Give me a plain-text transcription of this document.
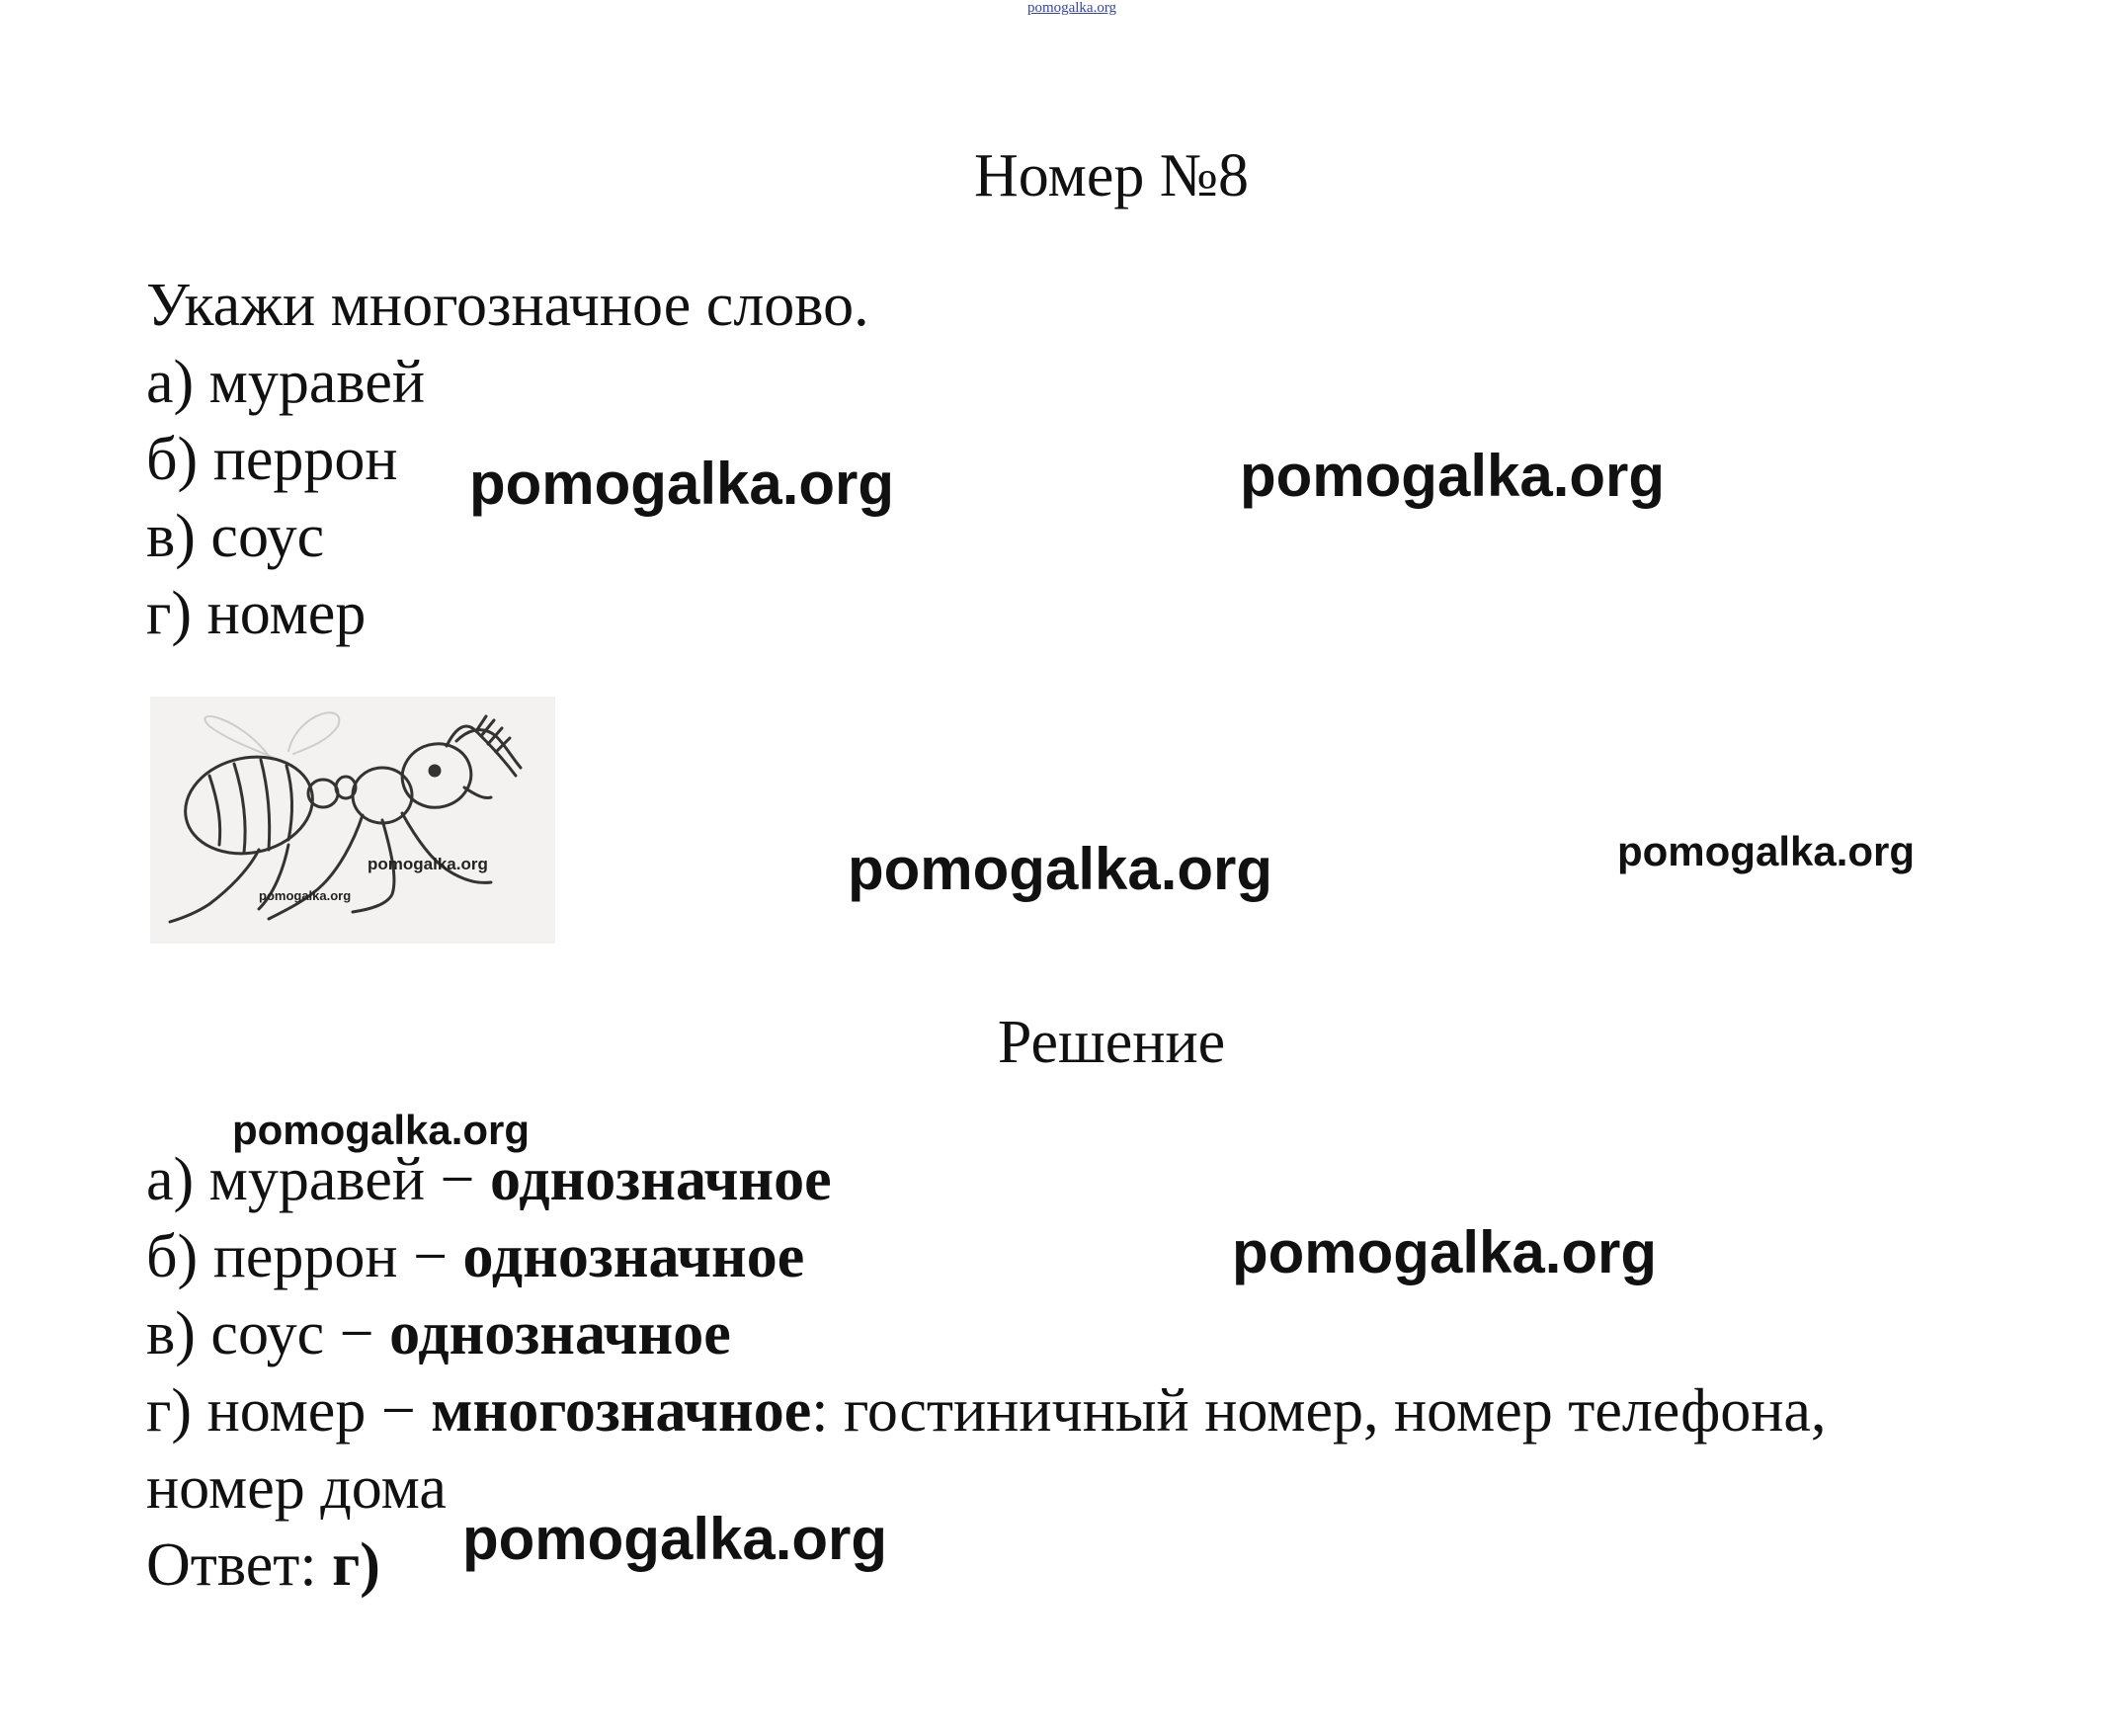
pomogalka.org
Номер №8
Укажи многозначное слово.
а) муравей
б) перрон
в) соус
г) номер
pomogalka.org
pomogalka.org
Решение
а) муравей − однозначное
б) перрон − однозначное
в) соус − однозначное
г) номер − многозначное: гостиничный номер, номер телефона,
номер дома
Ответ: г)
pomogalka.org	pomogalka.org
pomogalka.org	pomogalka.org
pomogalka.org
pomogalka.org
pomogalka.org
